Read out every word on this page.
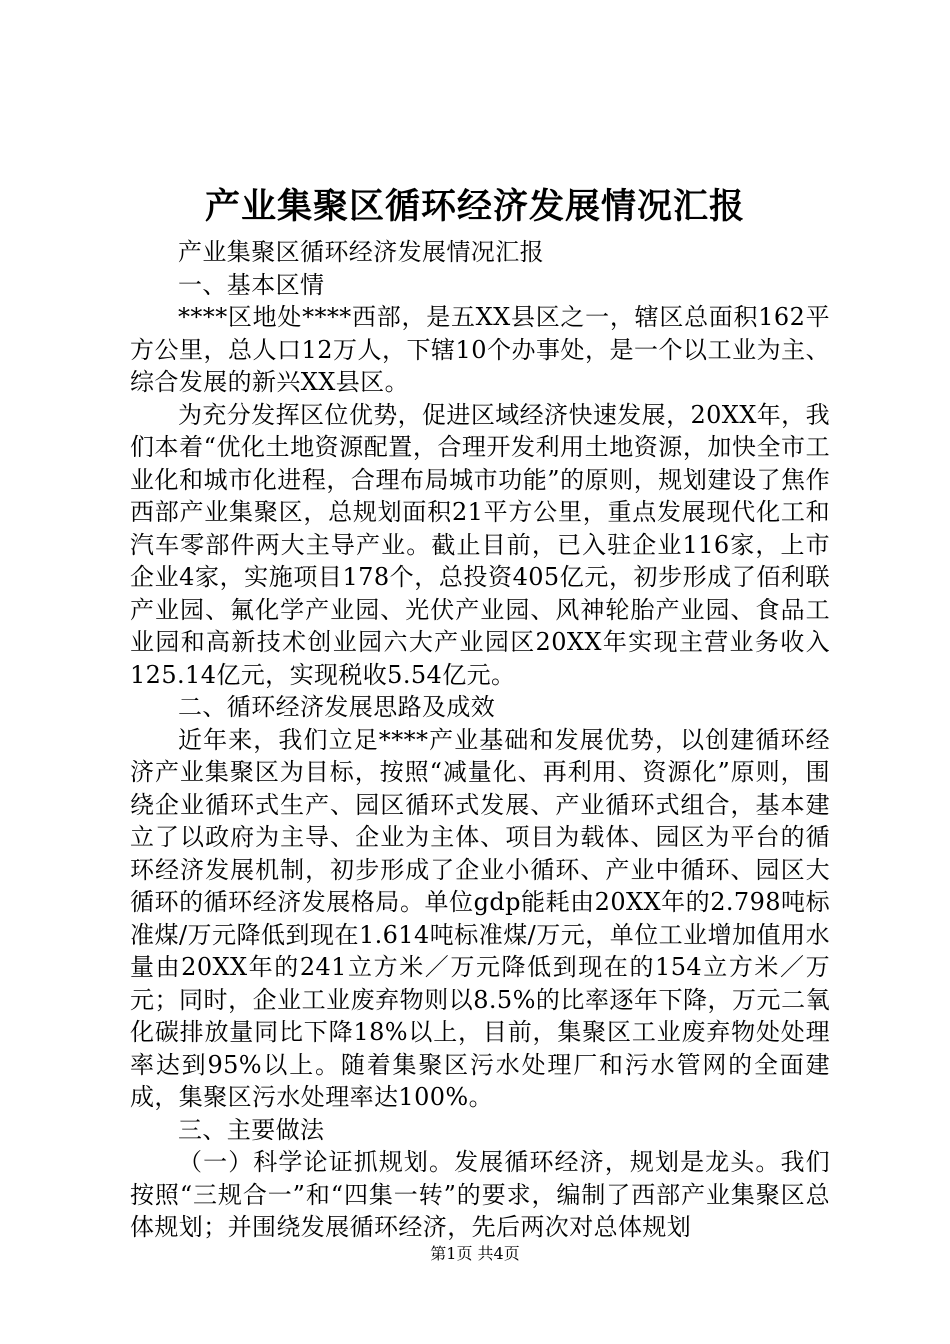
产业集聚区循环经济发展情况汇报

产业集聚区循环经济发展情况汇报

一、基本区情

****区地处****西部，是五XX县区之一，辖区总面积162平方公里，总人口12万人，下辖10个办事处，是一个以工业为主、综合发展的新兴XX县区。

为充分发挥区位优势，促进区域经济快速发展，20XX年，我们本着“优化土地资源配置，合理开发利用土地资源，加快全市工业化和城市化进程，合理布局城市功能”的原则，规划建设了焦作西部产业集聚区，总规划面积21平方公里，重点发展现代化工和汽车零部件两大主导产业。截止目前，已入驻企业116家，上市企业4家，实施项目178个，总投资405亿元，初步形成了佰利联产业园、氟化学产业园、光伏产业园、风神轮胎产业园、食品工业园和高新技术创业园六大产业园区20XX年实现主营业务收入125.14亿元，实现税收5.54亿元。

二、循环经济发展思路及成效

近年来，我们立足****产业基础和发展优势，以创建循环经济产业集聚区为目标，按照“减量化、再利用、资源化”原则，围绕企业循环式生产、园区循环式发展、产业循环式组合，基本建立了以政府为主导、企业为主体、项目为载体、园区为平台的循环经济发展机制，初步形成了企业小循环、产业中循环、园区大循环的循环经济发展格局。单位gdp能耗由20XX年的2.798吨标准煤/万元降低到现在1.614吨标准煤/万元，单位工业增加值用水量由20XX年的241立方米／万元降低到现在的154立方米／万元；同时，企业工业废弃物则以8.5%的比率逐年下降，万元二氧化碳排放量同比下降18%以上，目前，集聚区工业废弃物处处理率达到95%以上。随着集聚区污水处理厂和污水管网的全面建成，集聚区污水处理率达100%。

三、主要做法

（一）科学论证抓规划。发展循环经济，规划是龙头。我们按照“三规合一”和“四集一转”的要求，编制了西部产业集聚区总体规划；并围绕发展循环经济，先后两次对总体规划

第1页 共4页
